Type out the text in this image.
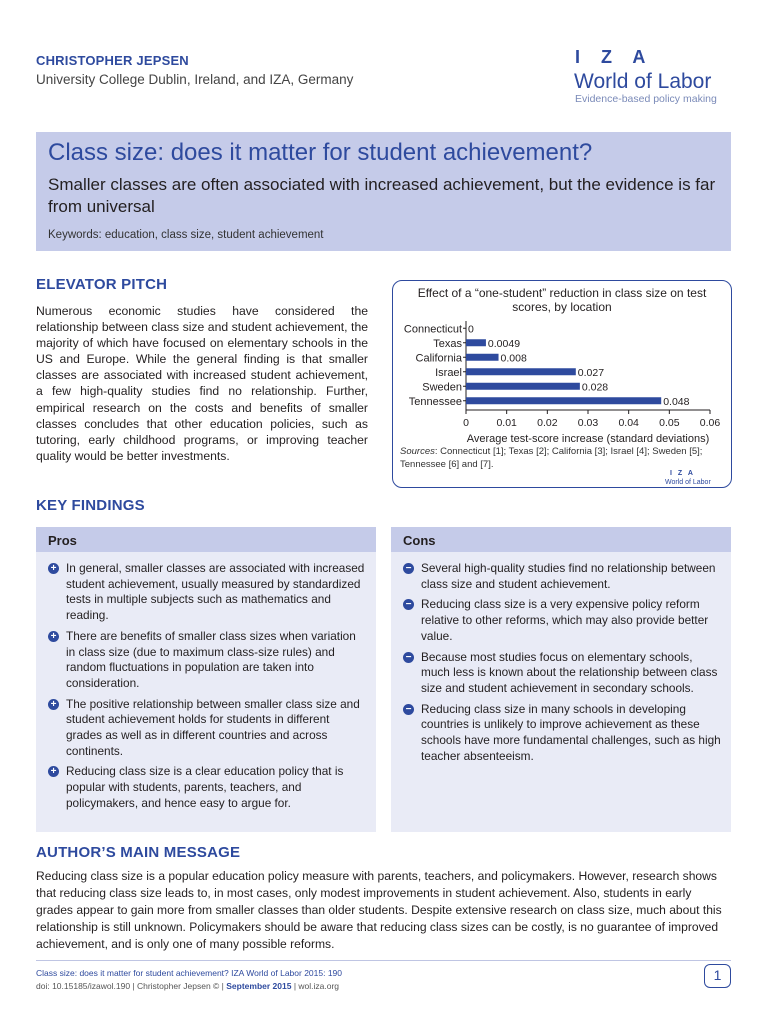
CHRISTOPHER JEPSEN
University College Dublin, Ireland, and IZA, Germany
I Z A
World of Labor
Evidence-based policy making
Class size: does it matter for student achievement?
Smaller classes are often associated with increased achievement, but the evidence is far from universal
Keywords: education, class size, student achievement
ELEVATOR PITCH
Numerous economic studies have considered the relationship between class size and student achievement, the majority of which have focused on elementary schools in the US and Europe. While the general finding is that smaller classes are associated with increased student achievement, a few high-quality studies find no relationship. Further, empirical research on the costs and benefits of smaller classes concludes that other education policies, such as tutoring, early childhood programs, or improving teacher quality would be better investments.
Effect of a “one-student” reduction in class size on test scores, by location
Connecticut 0
Texas 0.0049
California	0.008
Israel	0.027
Sweden	0.028
Tennessee	0.048
0	0.01 0.02 0.03 0.04 0.05 0.06
Average test-score increase (standard deviations)
Sources: Connecticut [1]; Texas [2]; California [3]; Israel [4]; Sweden [5]; Tennessee [6] and [7].
I Z A
World of Labor
KEY FINDINGS
Pros
+ In general, smaller classes are associated with increased student achievement, usually measured by standardized tests in multiple subjects such as mathematics and reading.
+ There are benefits of smaller class sizes when variation in class size (due to maximum class-size rules) and random fluctuations in population are taken into consideration.
+ The positive relationship between smaller class size and student achievement holds for students in different grades as well as in different countries and across continents.
+ Reducing class size is a clear education policy that is popular with students, parents, teachers, and policymakers, and hence easy to argue for.
Cons
− Several high-quality studies find no relationship between class size and student achievement.
− Reducing class size is a very expensive policy reform relative to other reforms, which may also provide better value.
− Because most studies focus on elementary schools, much less is known about the relationship between class size and student achievement in secondary schools.
− Reducing class size in many schools in developing countries is unlikely to improve achievement as these schools have more fundamental challenges, such as high teacher absenteeism.
AUTHOR’S MAIN MESSAGE
Reducing class size is a popular education policy measure with parents, teachers, and policymakers. However, research shows that reducing class size leads to, in most cases, only modest improvements in student achievement. Also, students in early grades appear to gain more from smaller classes than older students. Despite extensive research on class size, much about this relationship is still unknown. Policymakers should be aware that reducing class sizes can be costly, is no guarantee of improved achievement, and is only one of many possible reforms.
Class size: does it matter for student achievement? IZA World of Labor 2015: 190
doi: 10.15185/izawol.190 | Christopher Jepsen © | September 2015 | wol.iza.org
1
